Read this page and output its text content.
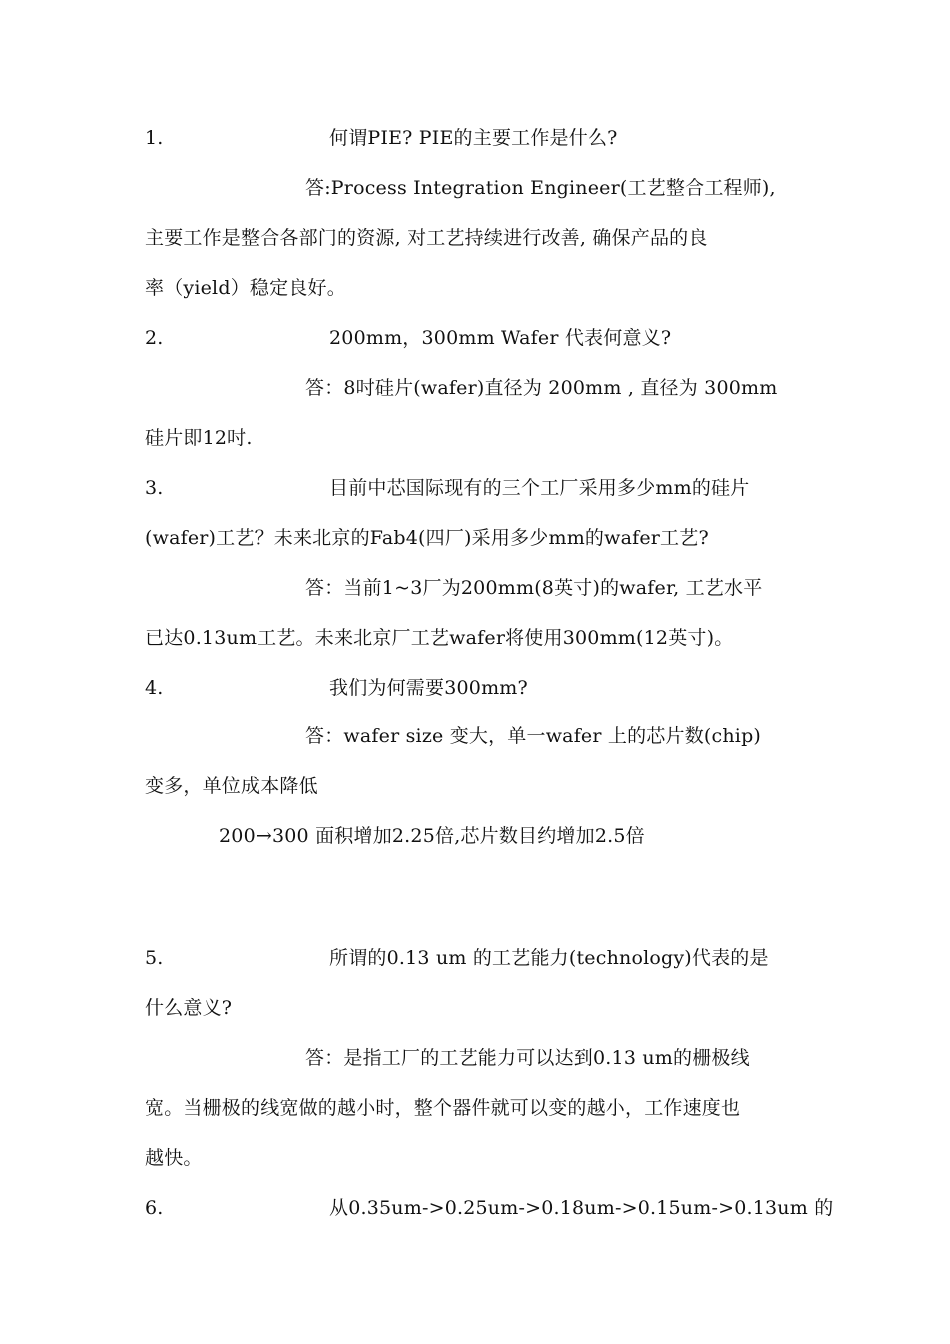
1.	何谓PIE? PIE的主要工作是什么?
答:Process Integration Engineer(工艺整合工程师),
主要工作是整合各部门的资源, 对工艺持续进行改善, 确保产品的良
率（yield）稳定良好。
2.	200mm，300mm Wafer 代表何意义?
答：8吋硅片(wafer)直径为 200mm , 直径为 300mm
硅片即12吋.
3.	目前中芯国际现有的三个工厂采用多少mm的硅片
(wafer)工艺？未来北京的Fab4(四厂)采用多少mm的wafer工艺?
答：当前1~3厂为200mm(8英寸)的wafer, 工艺水平
已达0.13um工艺。未来北京厂工艺wafer将使用300mm(12英寸)。
4.	我们为何需要300mm?
答：wafer size 变大，单一wafer 上的芯片数(chip)
变多，单位成本降低
200→300 面积增加2.25倍,芯片数目约增加2.5倍
5.	所谓的0.13 um 的工艺能力(technology)代表的是
什么意义?
答：是指工厂的工艺能力可以达到0.13 um的栅极线
宽。当栅极的线宽做的越小时，整个器件就可以变的越小，工作速度也
越快。
6.	从0.35um->0.25um->0.18um->0.15um->0.13um 的
